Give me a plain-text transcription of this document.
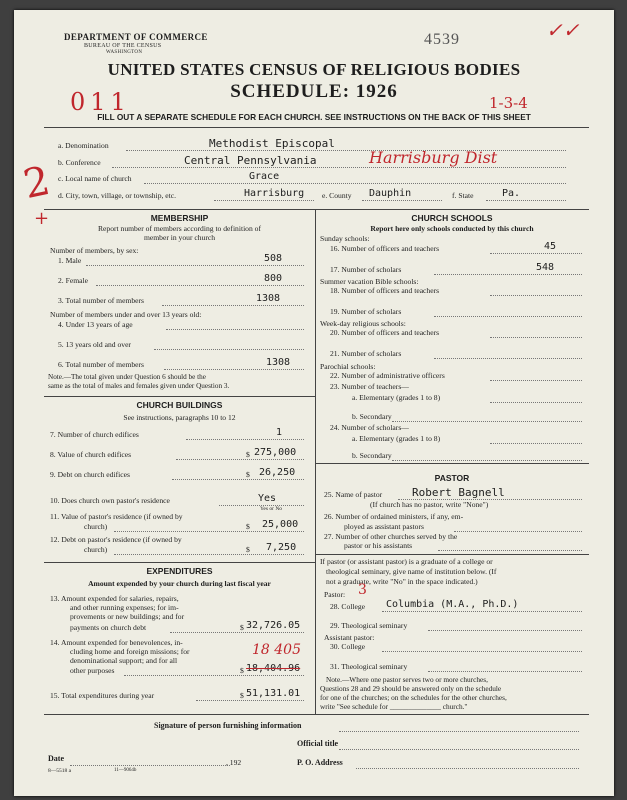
DEPARTMENT OF COMMERCE
BUREAU OF THE CENSUS
WASHINGTON
4539	✓✓
UNITED STATES CENSUS OF RELIGIOUS BODIES
SCHEDULE: 1926
011	1-3-4
FILL OUT A SEPARATE SCHEDULE FOR EACH CHURCH. SEE INSTRUCTIONS ON THE BACK OF THIS SHEET
a. Denomination	Methodist Episcopal
b. Conference	Central Pennsylvania	Harrisburg Dist
c. Local name of church	Grace
d. City, town, village, or township, etc.	Harrisburg e. County Dauphin	f. State	Pa.
2
+	MEMBERSHIP
Report number of members according to definition of
member in your church
Number of members, by sex:
1. Male	508
2. Female	800
3. Total number of members	1308
Number of members under and over 13 years old:
4. Under 13 years of age
5. 13 years old and over
6. Total number of members	1308
Note.—The total given under Question 6 should be the
same as the total of males and females given under Question 3.
CHURCH BUILDINGS
See instructions, paragraphs 10 to 12
7. Number of church edifices	1
8. Value of church edifices	$ 275,000
9. Debt on church edifices	$ 26,250
10. Does church own pastor's residence	Yes
Yes or No
11. Value of pastor's residence (if owned by
church)	$ 25,000
12. Debt on pastor's residence (if owned by
church)	$ 7,250
EXPENDITURES
Amount expended by your church during last fiscal year
13. Amount expended for salaries, repairs,
and other running expenses; for im-
provements or new buildings; and for
payments on church debt	$ 32,726.05
14. Amount expended for benevolences, in-
cluding home and foreign missions; for
denominational support; and for all
other purposes	$ 18,404.96
18 405
15. Total expenditures during year	$ 51,131.01
CHURCH SCHOOLS
Report here only schools conducted by this church
Sunday schools:
16. Number of officers and teachers	45
17. Number of scholars	548
Summer vacation Bible schools:
18. Number of officers and teachers
19. Number of scholars
Week-day religious schools:
20. Number of officers and teachers
21. Number of scholars
Parochial schools:
22. Number of administrative officers
23. Number of teachers—
a. Elementary (grades 1 to 8)
b. Secondary
24. Number of scholars—
a. Elementary (grades 1 to 8)
b. Secondary
PASTOR
25. Name of pastor	Robert Bagnell
(If church has no pastor, write "None")
26. Number of ordained ministers, if any, em-
ployed as assistant pastors
27. Number of other churches served by the
pastor or his assistants
If pastor (or assistant pastor) is a graduate of a college or
theological seminary, give name of institution below. (If
not a graduate, write "No" in the space indicated.)
Pastor: 3
28. College Columbia (M.A., Ph.D.)
29. Theological seminary
Assistant pastor:
30. College
31. Theological seminary
Note.—Where one pastor serves two or more churches,
Questions 28 and 29 should be answered only on the schedule
for one of the churches; on the schedules for the other churches,
write "See schedule for ______________ church."
Signature of person furnishing information
Official title
Date	, 192	P. O. Address
8—5518 a	11—9064b
